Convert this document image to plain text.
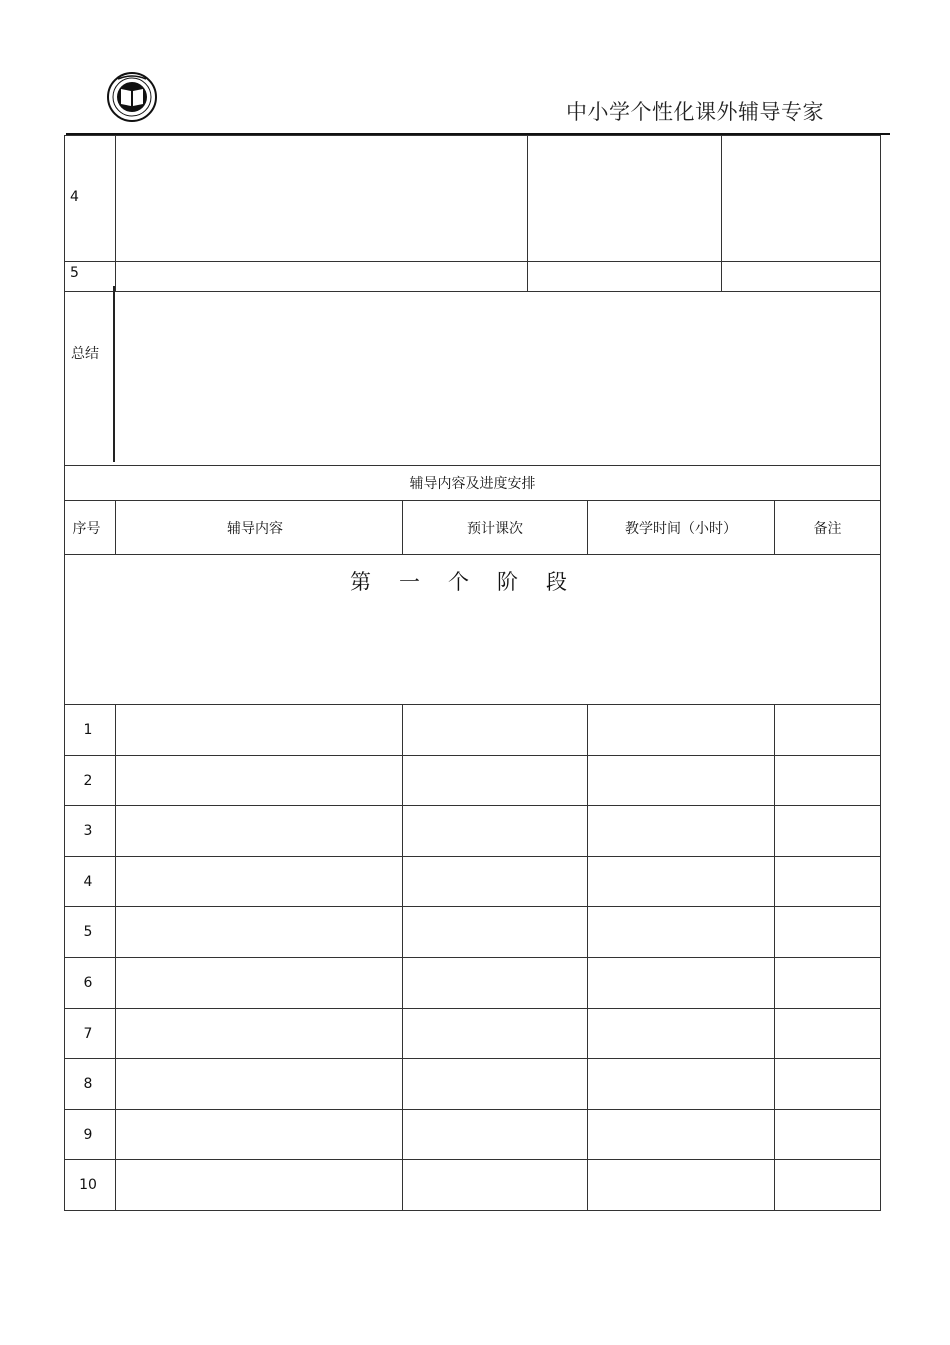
中小学个性化课外辅导专家
4
5
总结
辅导内容及进度安排
序号	辅导内容	预计课次	教学时间（小时）	备注
第一个阶段
1
2
3
4
5
6
7
8
9
10
